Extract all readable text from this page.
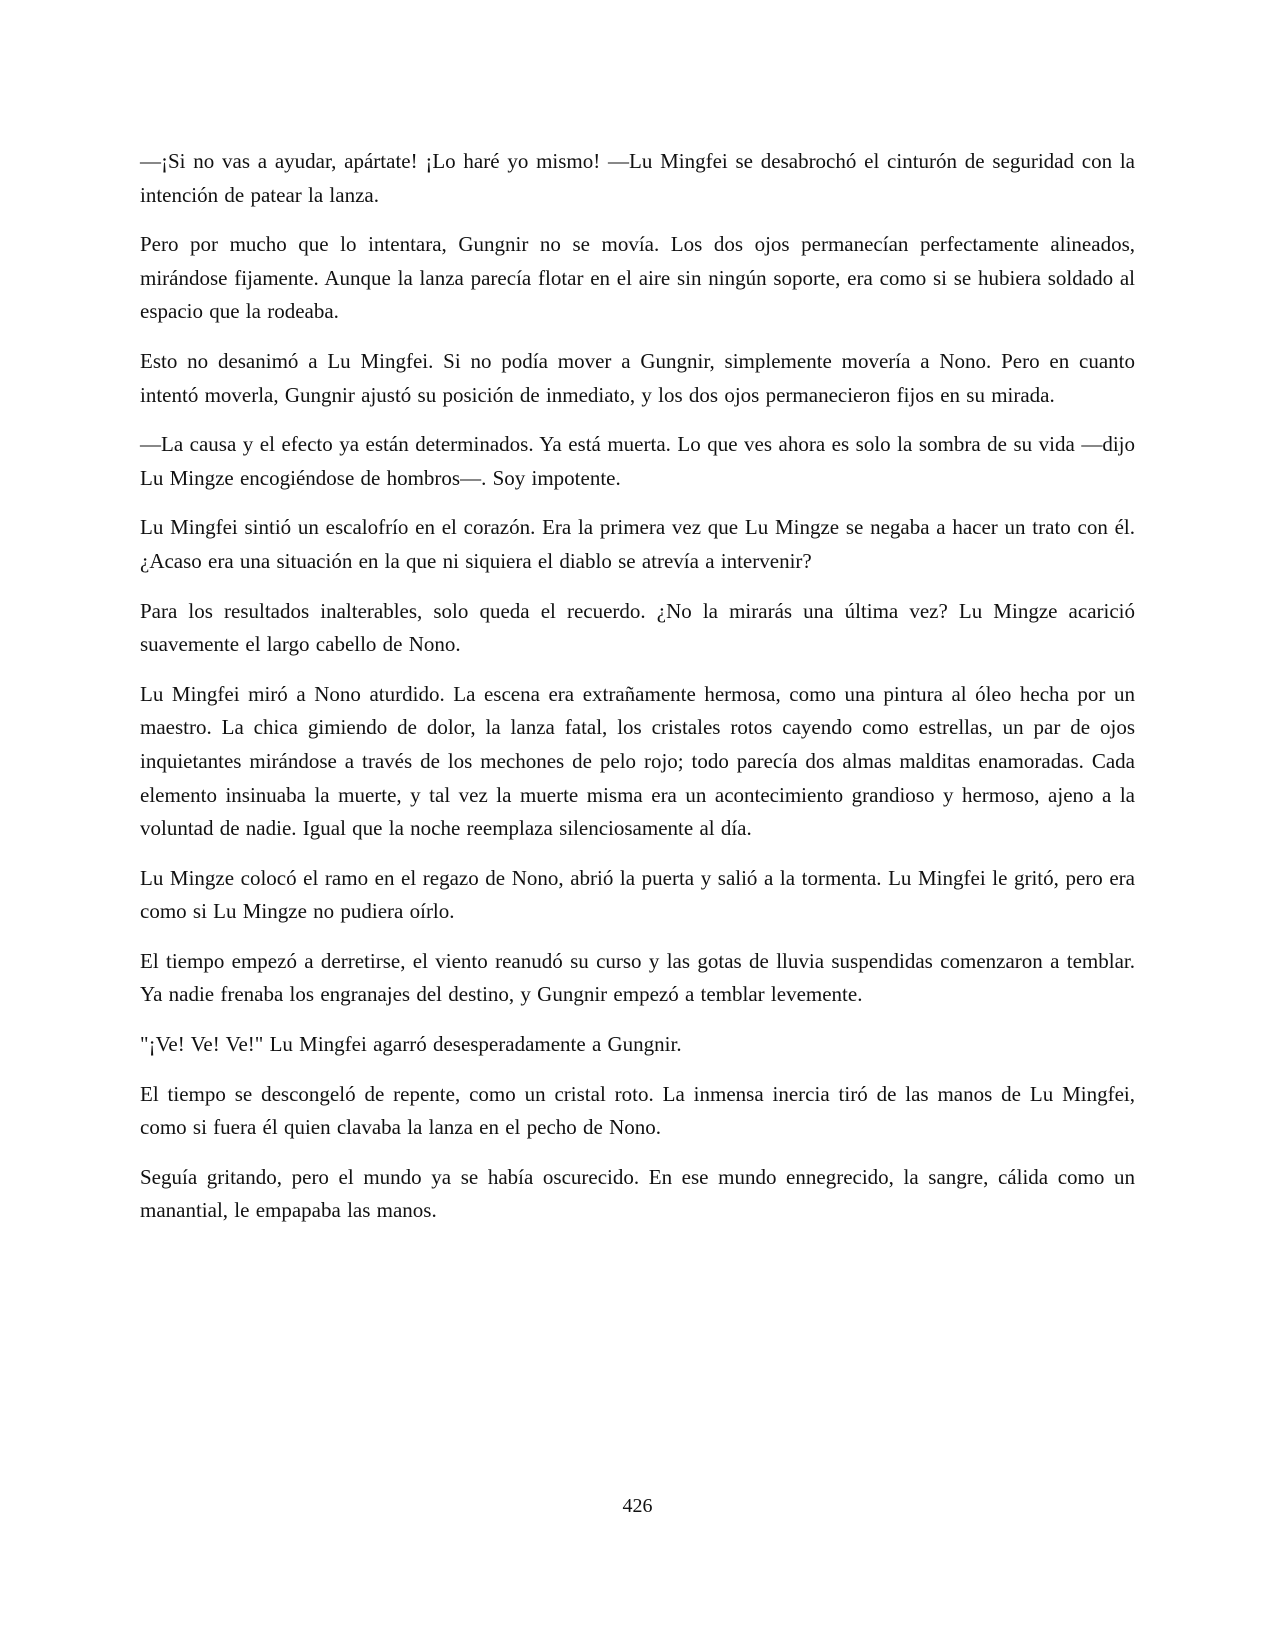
—¡Si no vas a ayudar, apártate! ¡Lo haré yo mismo! —Lu Mingfei se desabrochó el cinturón de seguridad con la intención de patear la lanza.

Pero por mucho que lo intentara, Gungnir no se movía. Los dos ojos permanecían perfectamente alineados, mirándose fijamente. Aunque la lanza parecía flotar en el aire sin ningún soporte, era como si se hubiera soldado al espacio que la rodeaba.

Esto no desanimó a Lu Mingfei. Si no podía mover a Gungnir, simplemente movería a Nono. Pero en cuanto intentó moverla, Gungnir ajustó su posición de inmediato, y los dos ojos permanecieron fijos en su mirada.

—La causa y el efecto ya están determinados. Ya está muerta. Lo que ves ahora es solo la sombra de su vida —dijo Lu Mingze encogiéndose de hombros—. Soy impotente.

Lu Mingfei sintió un escalofrío en el corazón. Era la primera vez que Lu Mingze se negaba a hacer un trato con él. ¿Acaso era una situación en la que ni siquiera el diablo se atrevía a intervenir?

Para los resultados inalterables, solo queda el recuerdo. ¿No la mirarás una última vez? Lu Mingze acarició suavemente el largo cabello de Nono.

Lu Mingfei miró a Nono aturdido. La escena era extrañamente hermosa, como una pintura al óleo hecha por un maestro. La chica gimiendo de dolor, la lanza fatal, los cristales rotos cayendo como estrellas, un par de ojos inquietantes mirándose a través de los mechones de pelo rojo; todo parecía dos almas malditas enamoradas. Cada elemento insinuaba la muerte, y tal vez la muerte misma era un acontecimiento grandioso y hermoso, ajeno a la voluntad de nadie. Igual que la noche reemplaza silenciosamente al día.

Lu Mingze colocó el ramo en el regazo de Nono, abrió la puerta y salió a la tormenta. Lu Mingfei le gritó, pero era como si Lu Mingze no pudiera oírlo.

El tiempo empezó a derretirse, el viento reanudó su curso y las gotas de lluvia suspendidas comenzaron a temblar. Ya nadie frenaba los engranajes del destino, y Gungnir empezó a temblar levemente.

"¡Ve! Ve! Ve!" Lu Mingfei agarró desesperadamente a Gungnir.

El tiempo se descongeló de repente, como un cristal roto. La inmensa inercia tiró de las manos de Lu Mingfei, como si fuera él quien clavaba la lanza en el pecho de Nono.

Seguía gritando, pero el mundo ya se había oscurecido. En ese mundo ennegrecido, la sangre, cálida como un manantial, le empapaba las manos.

426
